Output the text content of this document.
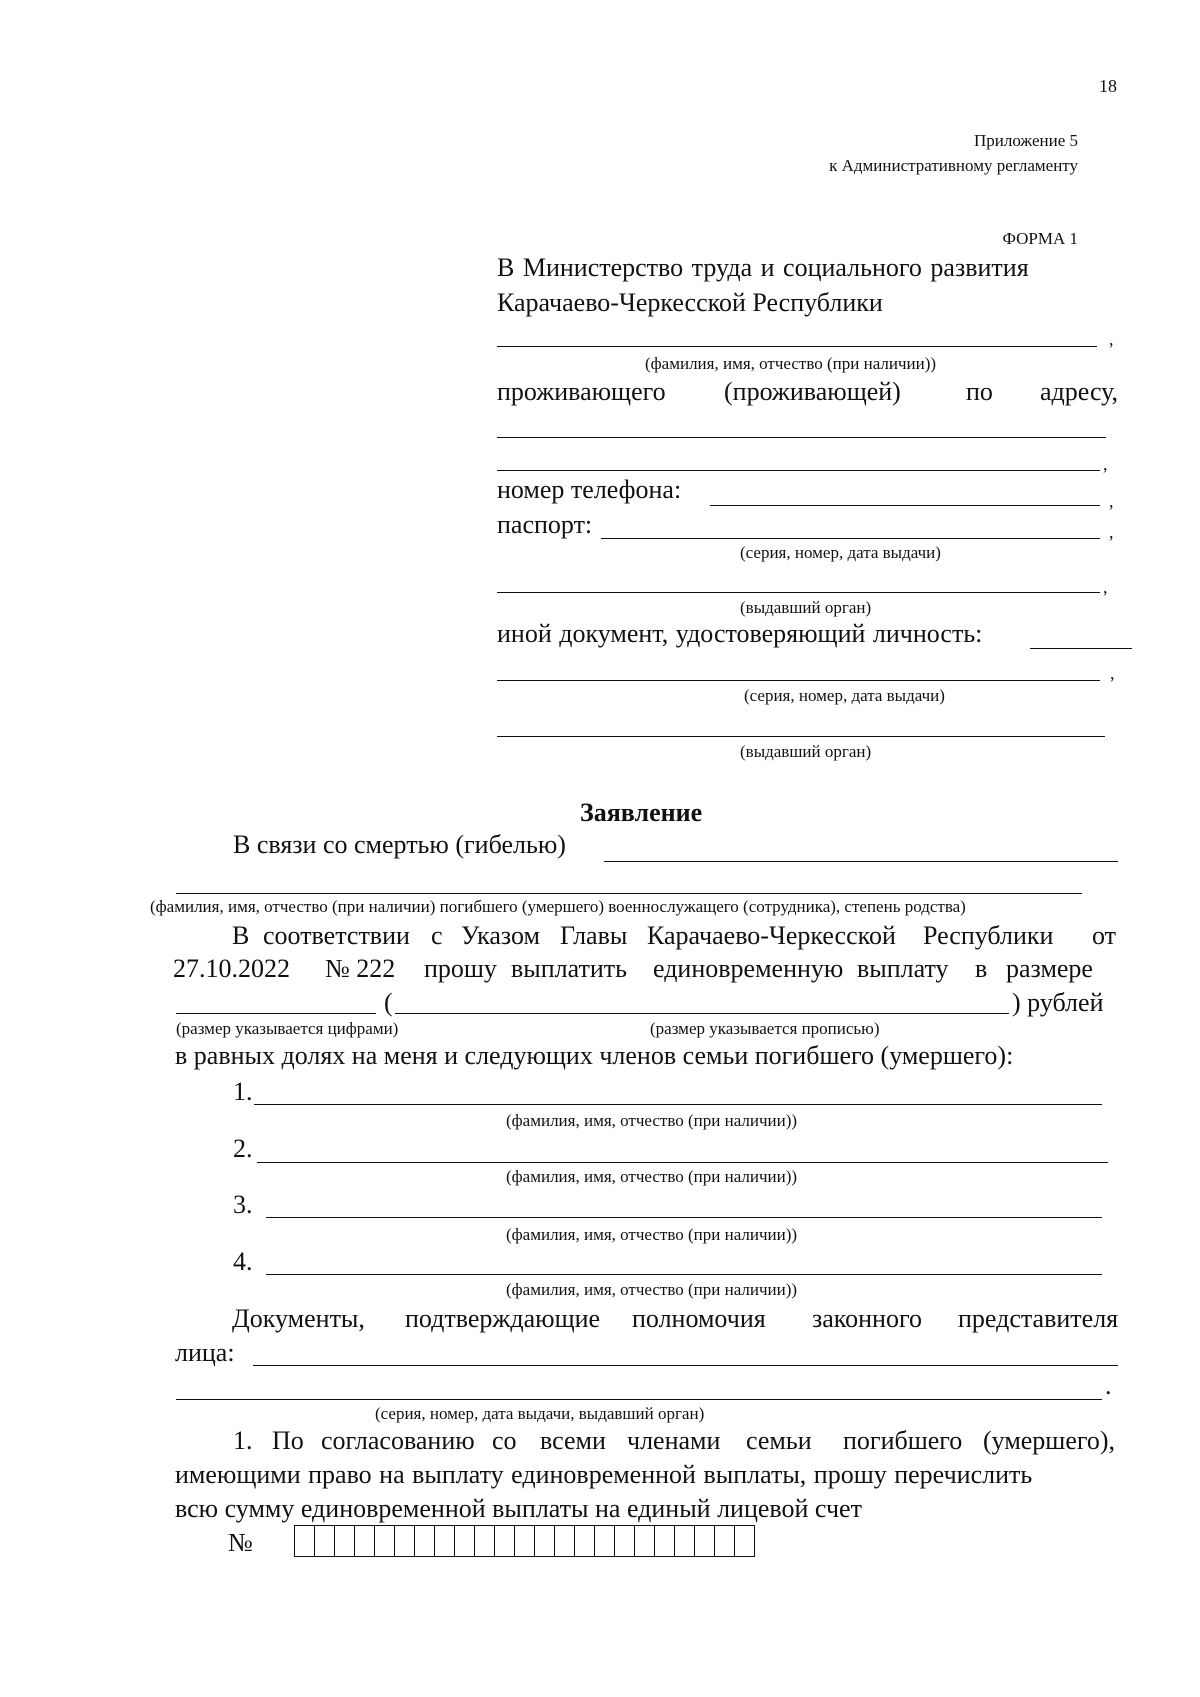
18
Приложение 5
к Административному регламенту
ФОРМА 1
В Министерство труда и социального развития
Карачаево-Черкесской Республики
,
(фамилия, имя, отчество (при наличии))
проживающего (проживающей)	по адресу,
,
номер телефона:	,
паспорт:	,
(серия, номер, дата выдачи)
,
(выдавший орган)
иной документ, удостоверяющий личность:
,
(серия, номер, дата выдачи)
(выдавший орган)
Заявление
В связи со смертью (гибелью)
(фамилия, имя, отчество (при наличии) погибшего (умершего) военнослужащего (сотрудника), степень родства)
В соответствии с Указом Главы Карачаево-Черкесской Республики от
27.10.2022 № 222 прошу выплатить единовременную выплату в размере
(	) рублей
(размер указывается цифрами)	(размер указывается прописью)
в равных долях на меня и следующих членов семьи погибшего (умершего):
1.
(фамилия, имя, отчество (при наличии))
2.
(фамилия, имя, отчество (при наличии))
3.
(фамилия, имя, отчество (при наличии))
4.
(фамилия, имя, отчество (при наличии))
Документы, подтверждающие полномочия законного представителя
лица:
.
(серия, номер, дата выдачи, выдавший орган)
1. По согласованию со всеми членами семьи погибшего (умершего),
имеющими право на выплату единовременной выплаты, прошу перечислить
всю сумму единовременной выплаты на единый лицевой счет
№
